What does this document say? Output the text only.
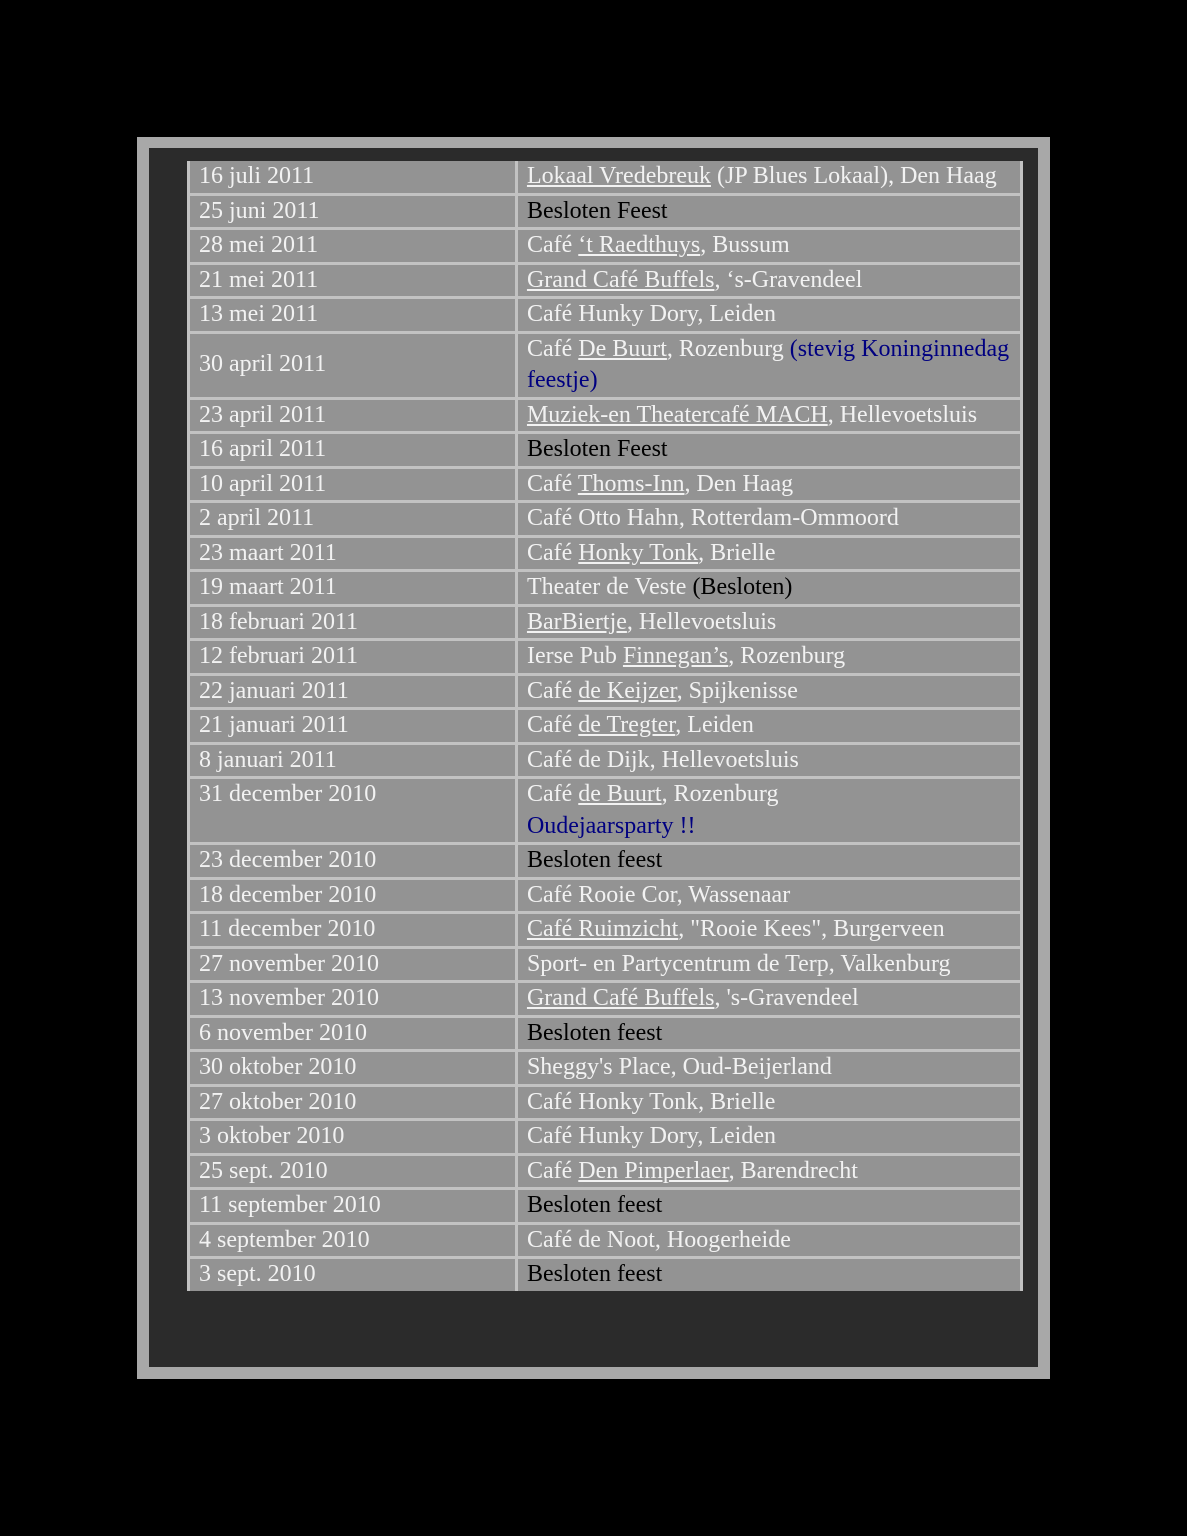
16 juli 2011	Lokaal Vredebreuk (JP Blues Lokaal), Den Haag
25 juni 2011	Besloten Feest
28 mei 2011	Café ‘t Raedthuys, Bussum
21 mei 2011	Grand Café Buffels, ‘s-Gravendeel
13 mei 2011	Café Hunky Dory, Leiden
30 april 2011	Café De Buurt, Rozenburg (stevig Koninginnedag feestje)
23 april 2011	Muziek-en Theatercafé MACH, Hellevoetsluis
16 april 2011	Besloten Feest
10 april 2011	Café Thoms-Inn, Den Haag
2 april 2011	Café Otto Hahn, Rotterdam-Ommoord
23 maart 2011	Café Honky Tonk, Brielle
19 maart 2011	Theater de Veste (Besloten)
18 februari 2011	BarBiertje, Hellevoetsluis
12 februari 2011	Ierse Pub Finnegan’s, Rozenburg
22 januari 2011	Café de Keijzer, Spijkenisse
21 januari 2011	Café de Tregter, Leiden
8 januari 2011	Café de Dijk, Hellevoetsluis
31 december 2010	Café de Buurt, Rozenburg
Oudejaarsparty !!
23 december 2010	Besloten feest
18 december 2010	Café Rooie Cor, Wassenaar
11 december 2010	Café Ruimzicht, "Rooie Kees", Burgerveen
27 november 2010	Sport- en Partycentrum de Terp, Valkenburg
13 november 2010	Grand Café Buffels, 's-Gravendeel
6 november 2010	Besloten feest
30 oktober 2010	Sheggy's Place, Oud-Beijerland
27 oktober 2010	Café Honky Tonk, Brielle
3 oktober 2010	Café Hunky Dory, Leiden
25 sept. 2010	Café Den Pimperlaer, Barendrecht
11 september 2010	Besloten feest
4 september 2010	Café de Noot, Hoogerheide
3 sept. 2010	Besloten feest
